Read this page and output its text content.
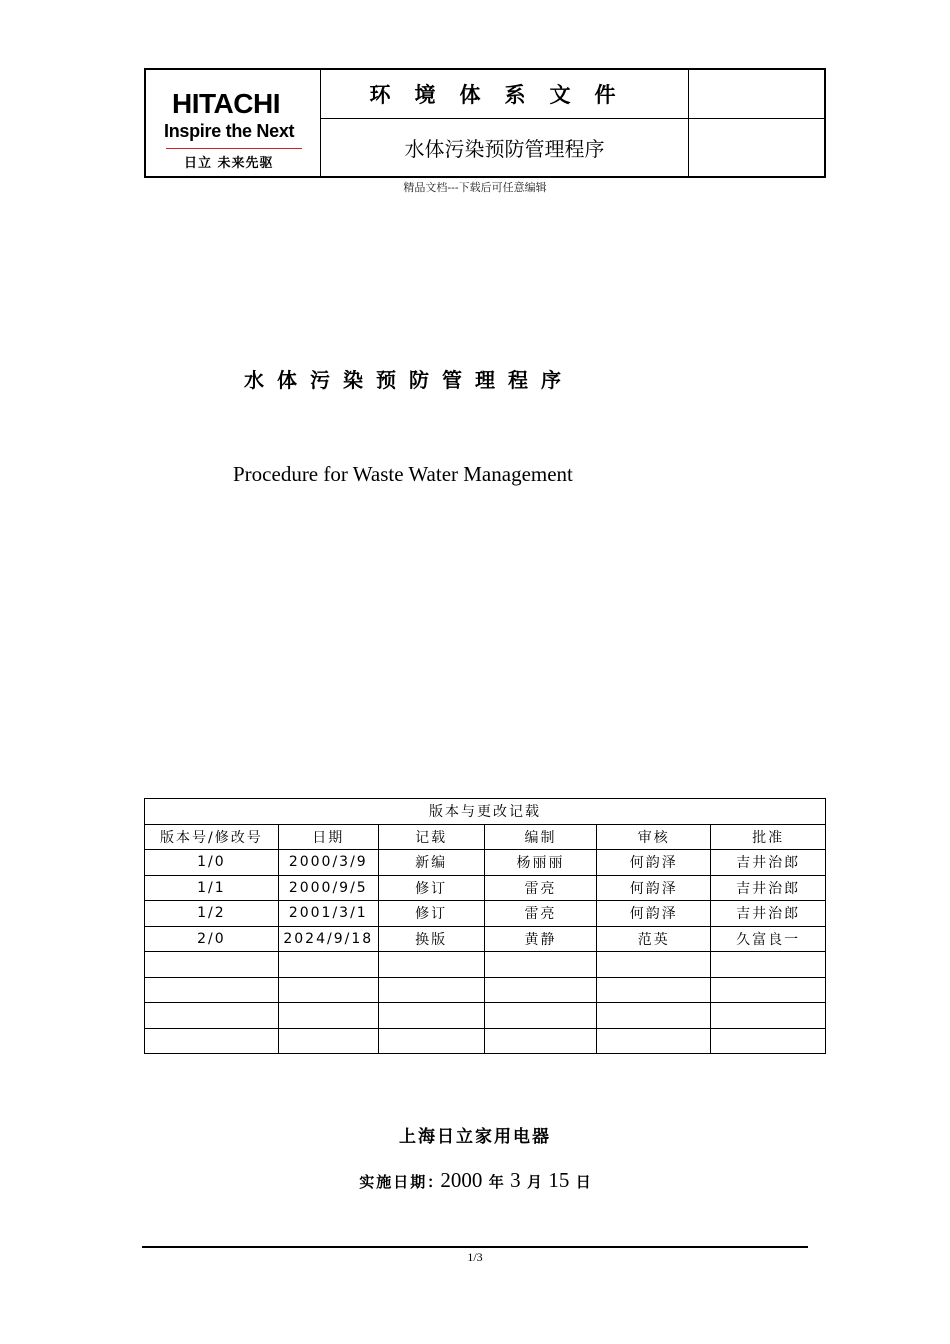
HITACHI
Inspire the Next
日立 未来先驱
环境体系文件
水体污染预防管理程序
精品文档---下载后可任意编辑
水体污染预防管理程序
Procedure for Waste Water Management
版本与更改记载					
版本号/修改号	日期	记载	编制	审核	批准
1/0	2000/3/9	新编	杨丽丽	何韵泽	吉井治郎
1/1	2000/9/5	修订	雷亮	何韵泽	吉井治郎
1/2	2001/3/1	修订	雷亮	何韵泽	吉井治郎
2/0	2024/9/18	换版	黄静	范英	久富良一

上海日立家用电器
实施日期: 2000 年 3 月 15 日
1/3
